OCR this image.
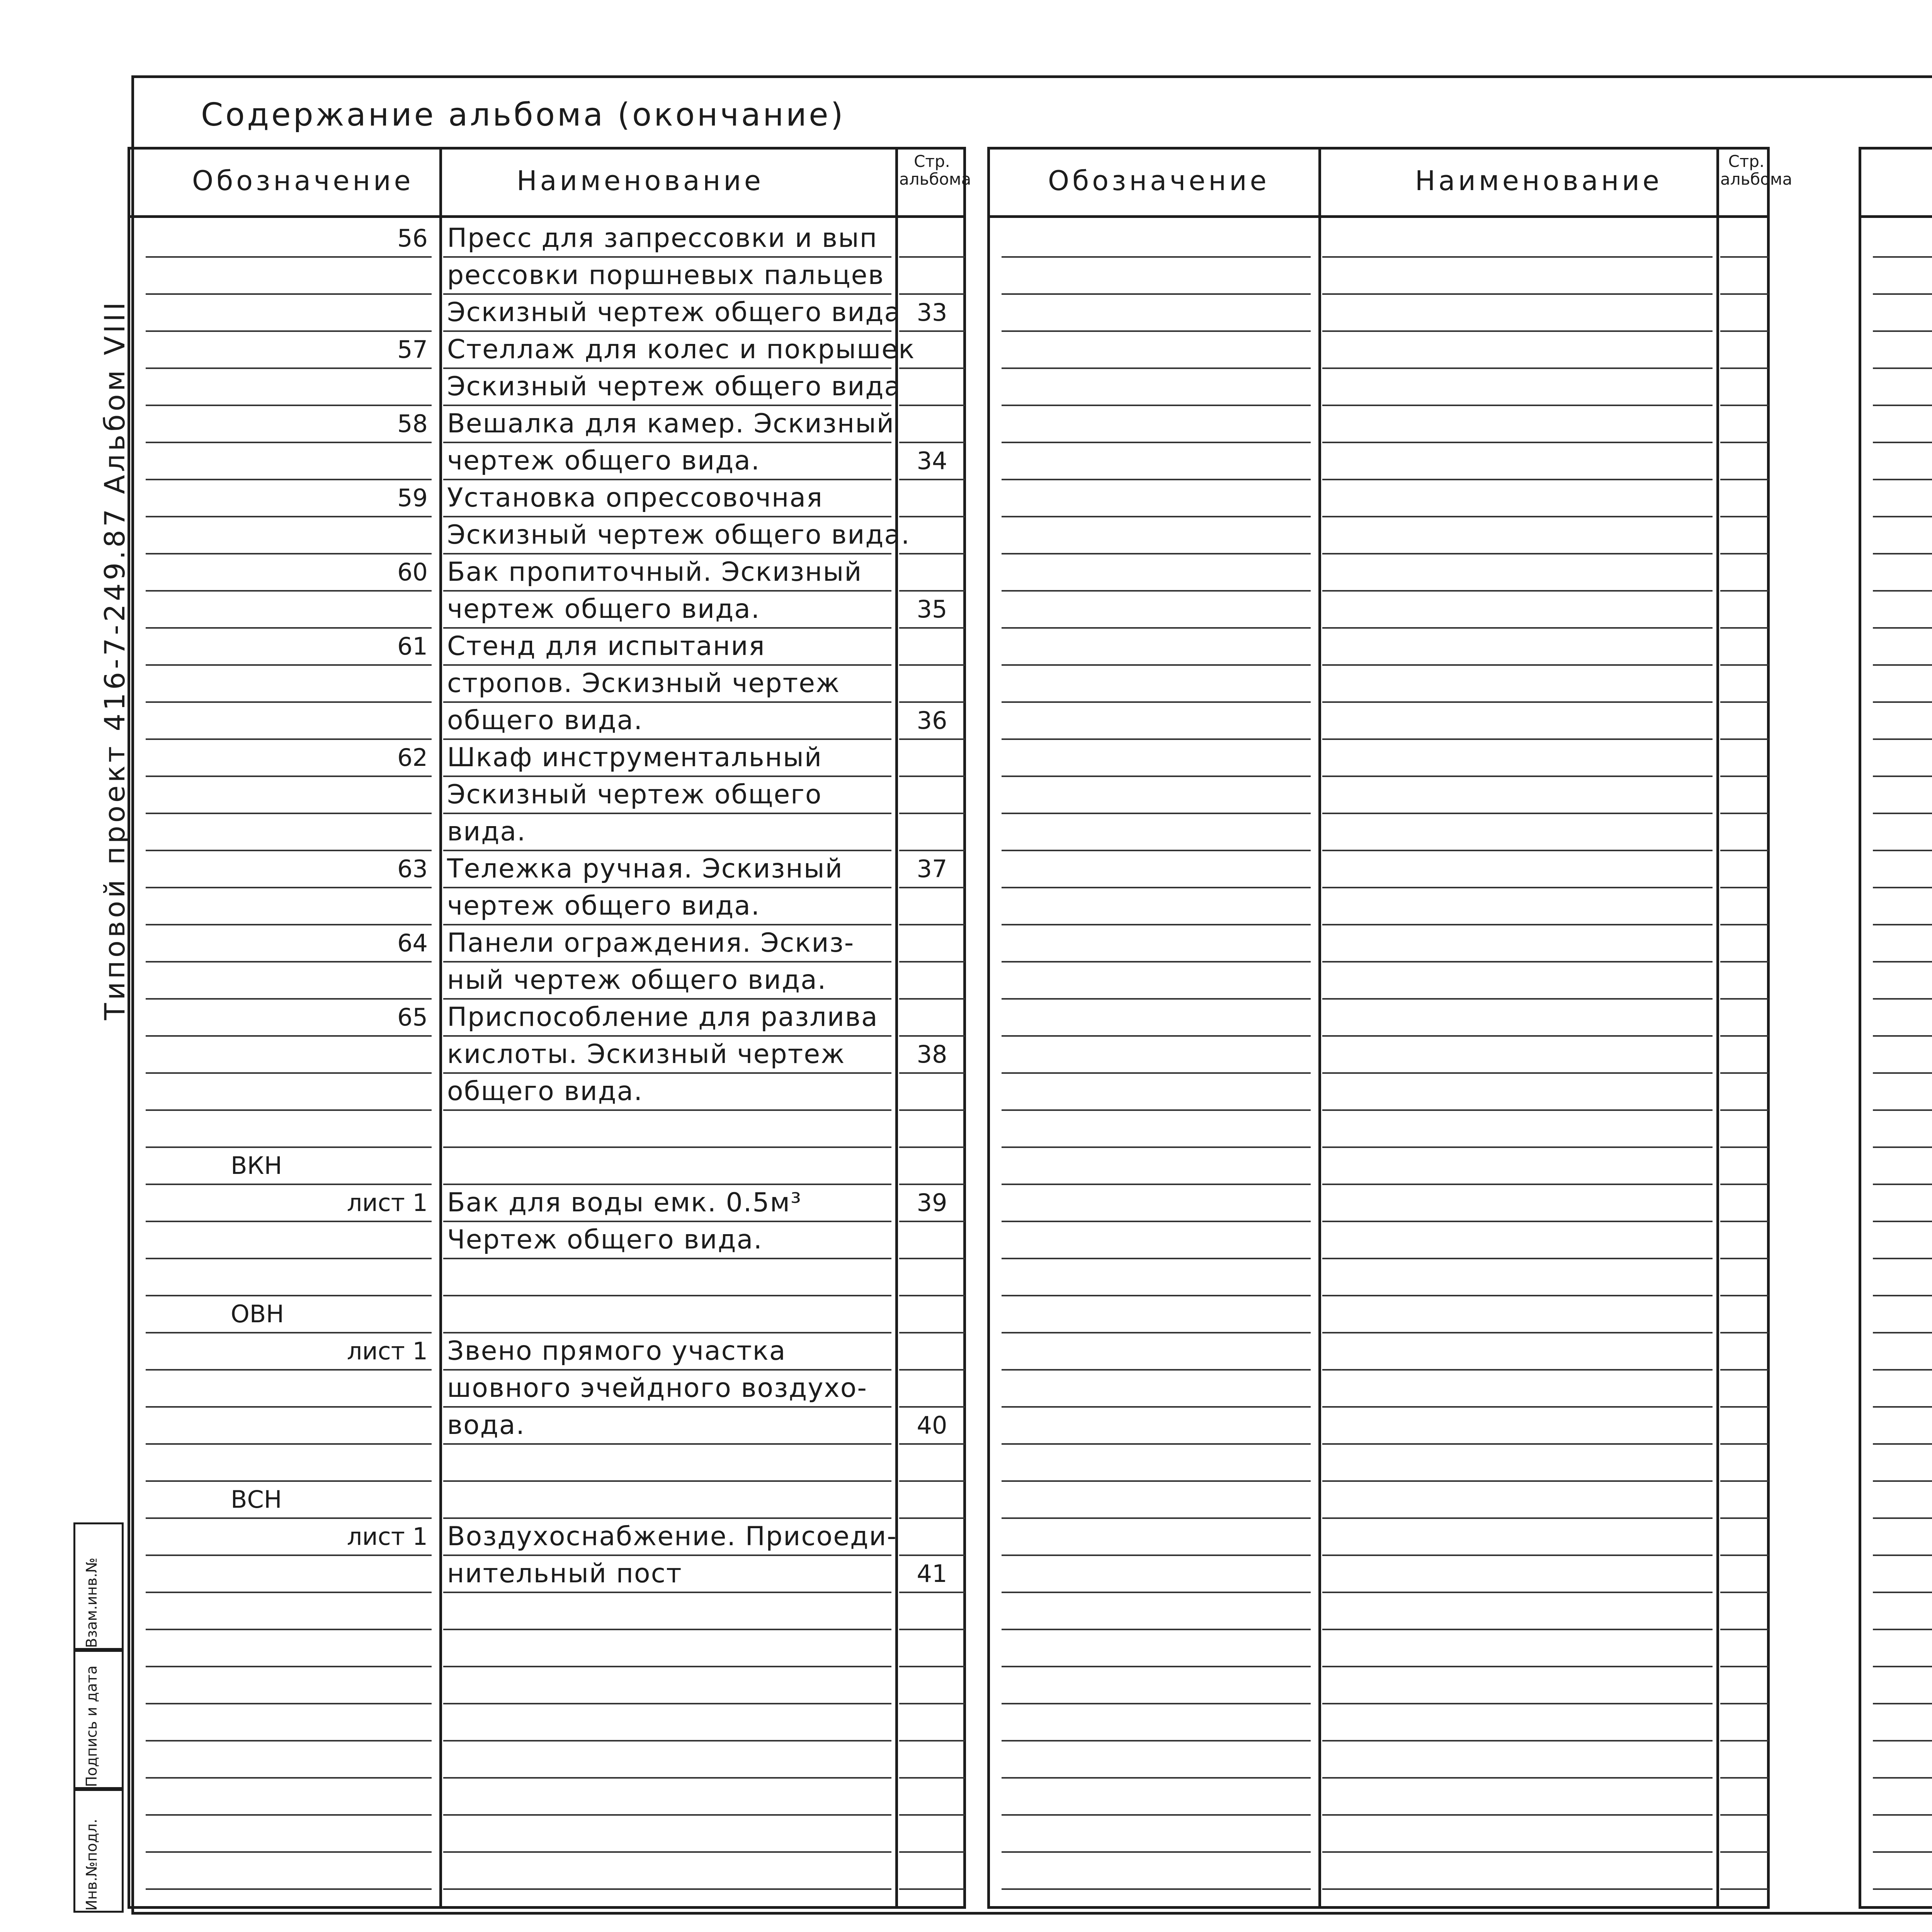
Типовой проект 416-7-249.87 Альбом VIII
Взам.инв.№
Подпись и дата
Инв.№подл.
Содержание альбома (окончание)
Обозначение	Наименование
Стр. альбома
56 Пресс для запрессовки и вып
рессовки поршневых пальцев
Эскизный чертеж общего вида 33
57 Стеллаж для колес и покрышек
Эскизный чертеж общего вида
58 Вешалка для камер. Эскизный
чертеж общего вида.	34
59 Установка опрессовочная
Эскизный чертеж общего вида.
60 Бак пропиточный. Эскизный
чертеж общего вида.	35
61 Стенд для испытания
стропов. Эскизный чертеж
общего вида.	36
62 Шкаф инструментальный
Эскизный чертеж общего
вида.
63 Тележка ручная. Эскизный	37
чертеж общего вида.
64 Панели ограждения. Эскиз-
ный чертеж общего вида.
65 Приспособление для разлива
кислоты. Эскизный чертеж	38
общего вида.
ВКН
лист 1 Бак для воды емк. 0.5м³	39
Чертеж общего вида.
ОВН
лист 1 Звено прямого участка
шовного эчейдного воздухо-
вода.	40
ВСН
лист 1 Воздухоснабжение. Присоеди-
нительный пост	41
Обозначение	Наименование
Стр. альбома
